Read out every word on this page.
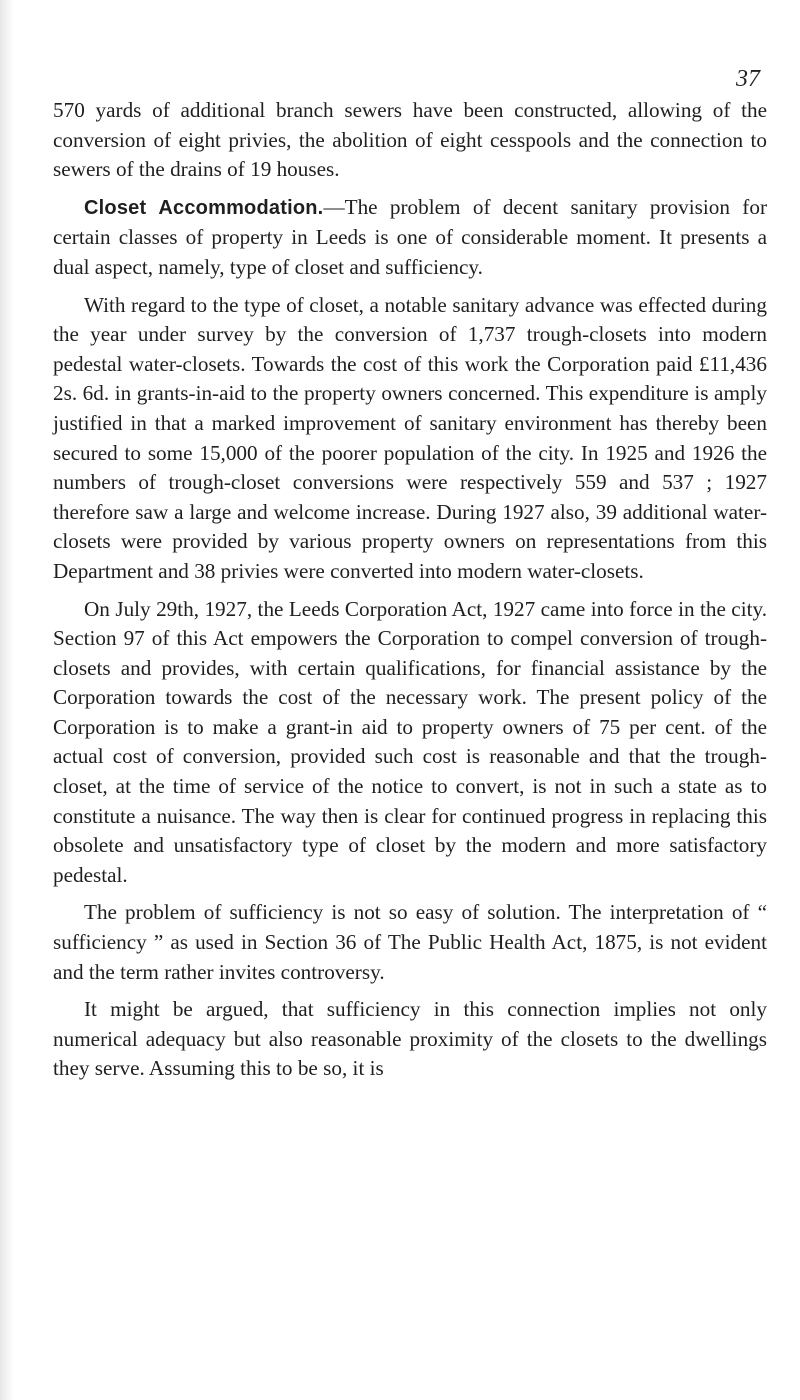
37

570 yards of additional branch sewers have been constructed, allowing of the conversion of eight privies, the abolition of eight cesspools and the connection to sewers of the drains of 19 houses.

Closet Accommodation.—The problem of decent sanitary provision for certain classes of property in Leeds is one of considerable moment. It presents a dual aspect, namely, type of closet and sufficiency.

With regard to the type of closet, a notable sanitary advance was effected during the year under survey by the conversion of 1,737 trough-closets into modern pedestal water-closets. Towards the cost of this work the Corporation paid £11,436 2s. 6d. in grants-in-aid to the property owners concerned. This expenditure is amply justified in that a marked improvement of sanitary environment has thereby been secured to some 15,000 of the poorer population of the city. In 1925 and 1926 the numbers of trough-closet conversions were respectively 559 and 537 ; 1927 therefore saw a large and welcome increase. During 1927 also, 39 additional water-closets were provided by various property owners on representations from this Department and 38 privies were converted into modern water-closets.

On July 29th, 1927, the Leeds Corporation Act, 1927 came into force in the city. Section 97 of this Act empowers the Corporation to compel conversion of trough-closets and provides, with certain qualifications, for financial assistance by the Corporation towards the cost of the necessary work. The present policy of the Corporation is to make a grant-in aid to property owners of 75 per cent. of the actual cost of conversion, provided such cost is reasonable and that the trough-closet, at the time of service of the notice to convert, is not in such a state as to constitute a nuisance. The way then is clear for continued progress in replacing this obsolete and unsatisfactory type of closet by the modern and more satisfactory pedestal.

The problem of sufficiency is not so easy of solution. The interpretation of “ sufficiency ” as used in Section 36 of The Public Health Act, 1875, is not evident and the term rather invites controversy.

It might be argued, that sufficiency in this connection implies not only numerical adequacy but also reasonable proximity of the closets to the dwellings they serve. Assuming this to be so, it is
